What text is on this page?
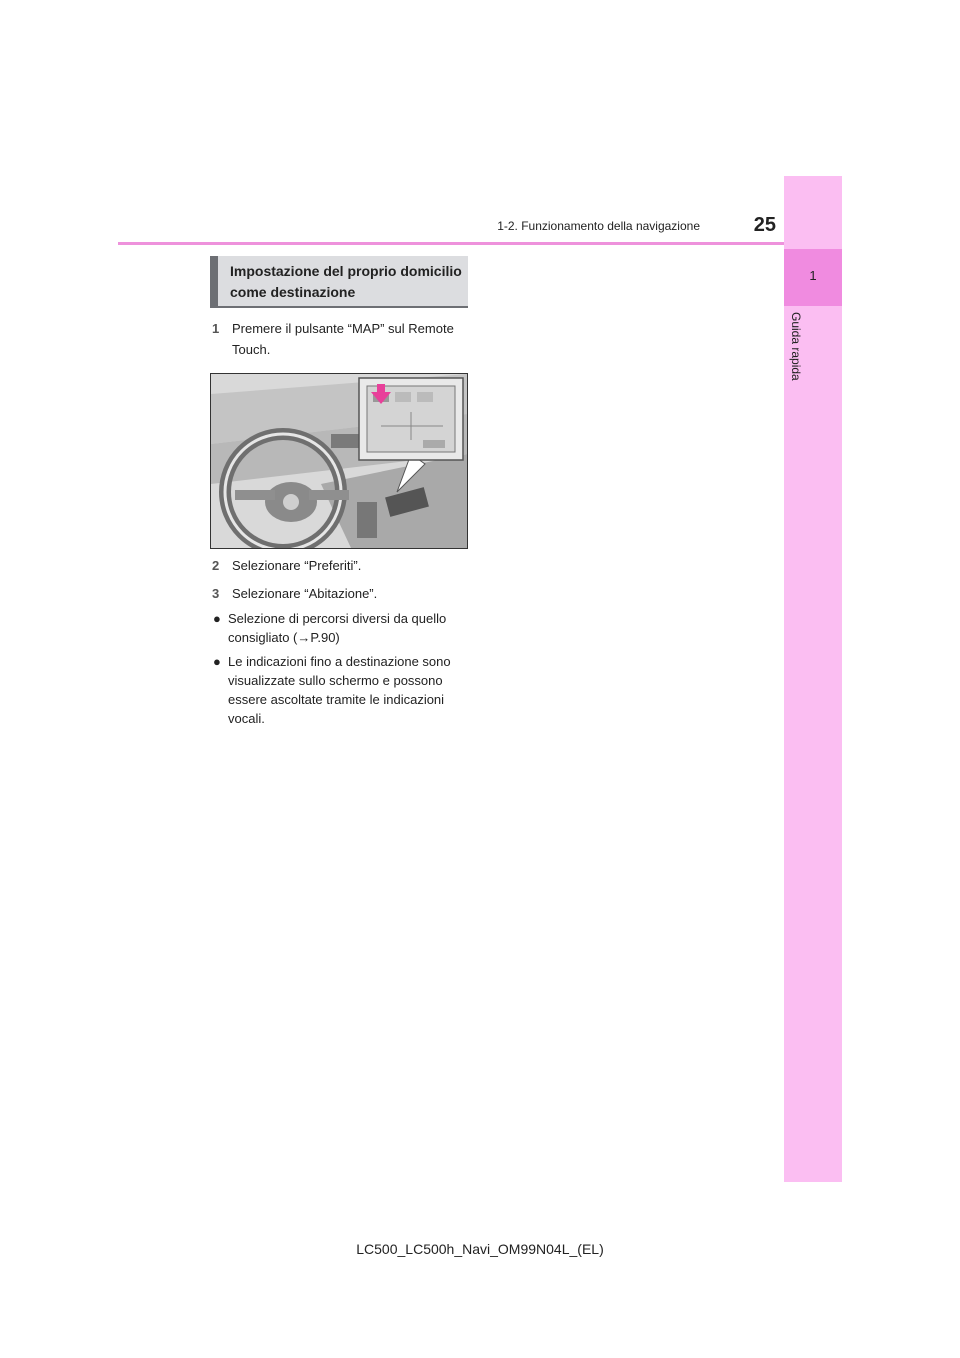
1-2. Funzionamento della navigazione	25
1
Guida rapida
Impostazione del proprio domicilio come destinazione
1 Premere il pulsante “MAP” sul Remote Touch.
2 Selezionare “Preferiti”.
3 Selezionare “Abitazione”.
● Selezione di percorsi diversi da quello consigliato (→P.90)
● Le indicazioni fino a destinazione sono visualizzate sullo schermo e possono essere ascoltate tramite le indicazioni vocali.
LC500_LC500h_Navi_OM99N04L_(EL)
